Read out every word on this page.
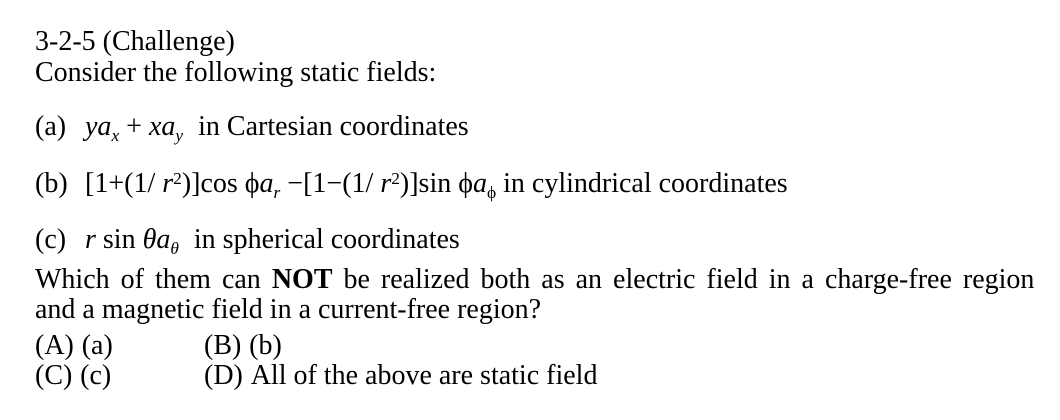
3-2-5 (Challenge)
Consider the following static fields:
(a) $ya_x + xa_y$ in Cartesian coordinates
(b) [1+(1/ $r^2)]\cos$ $\phi a_r -[1-(1/$ $r^2)]\sin$ $\phi a_\phi$ in cylindrical coordinates
(c) r $\sin \theta a_\theta$ in spherical coordinates
Which of them can NOT be realized both as an electric field in a charge-free region
and a magnetic field in a current-free region?
(A) (a)	(B) (b)
(C) (c)	(D) All of the above are static field
